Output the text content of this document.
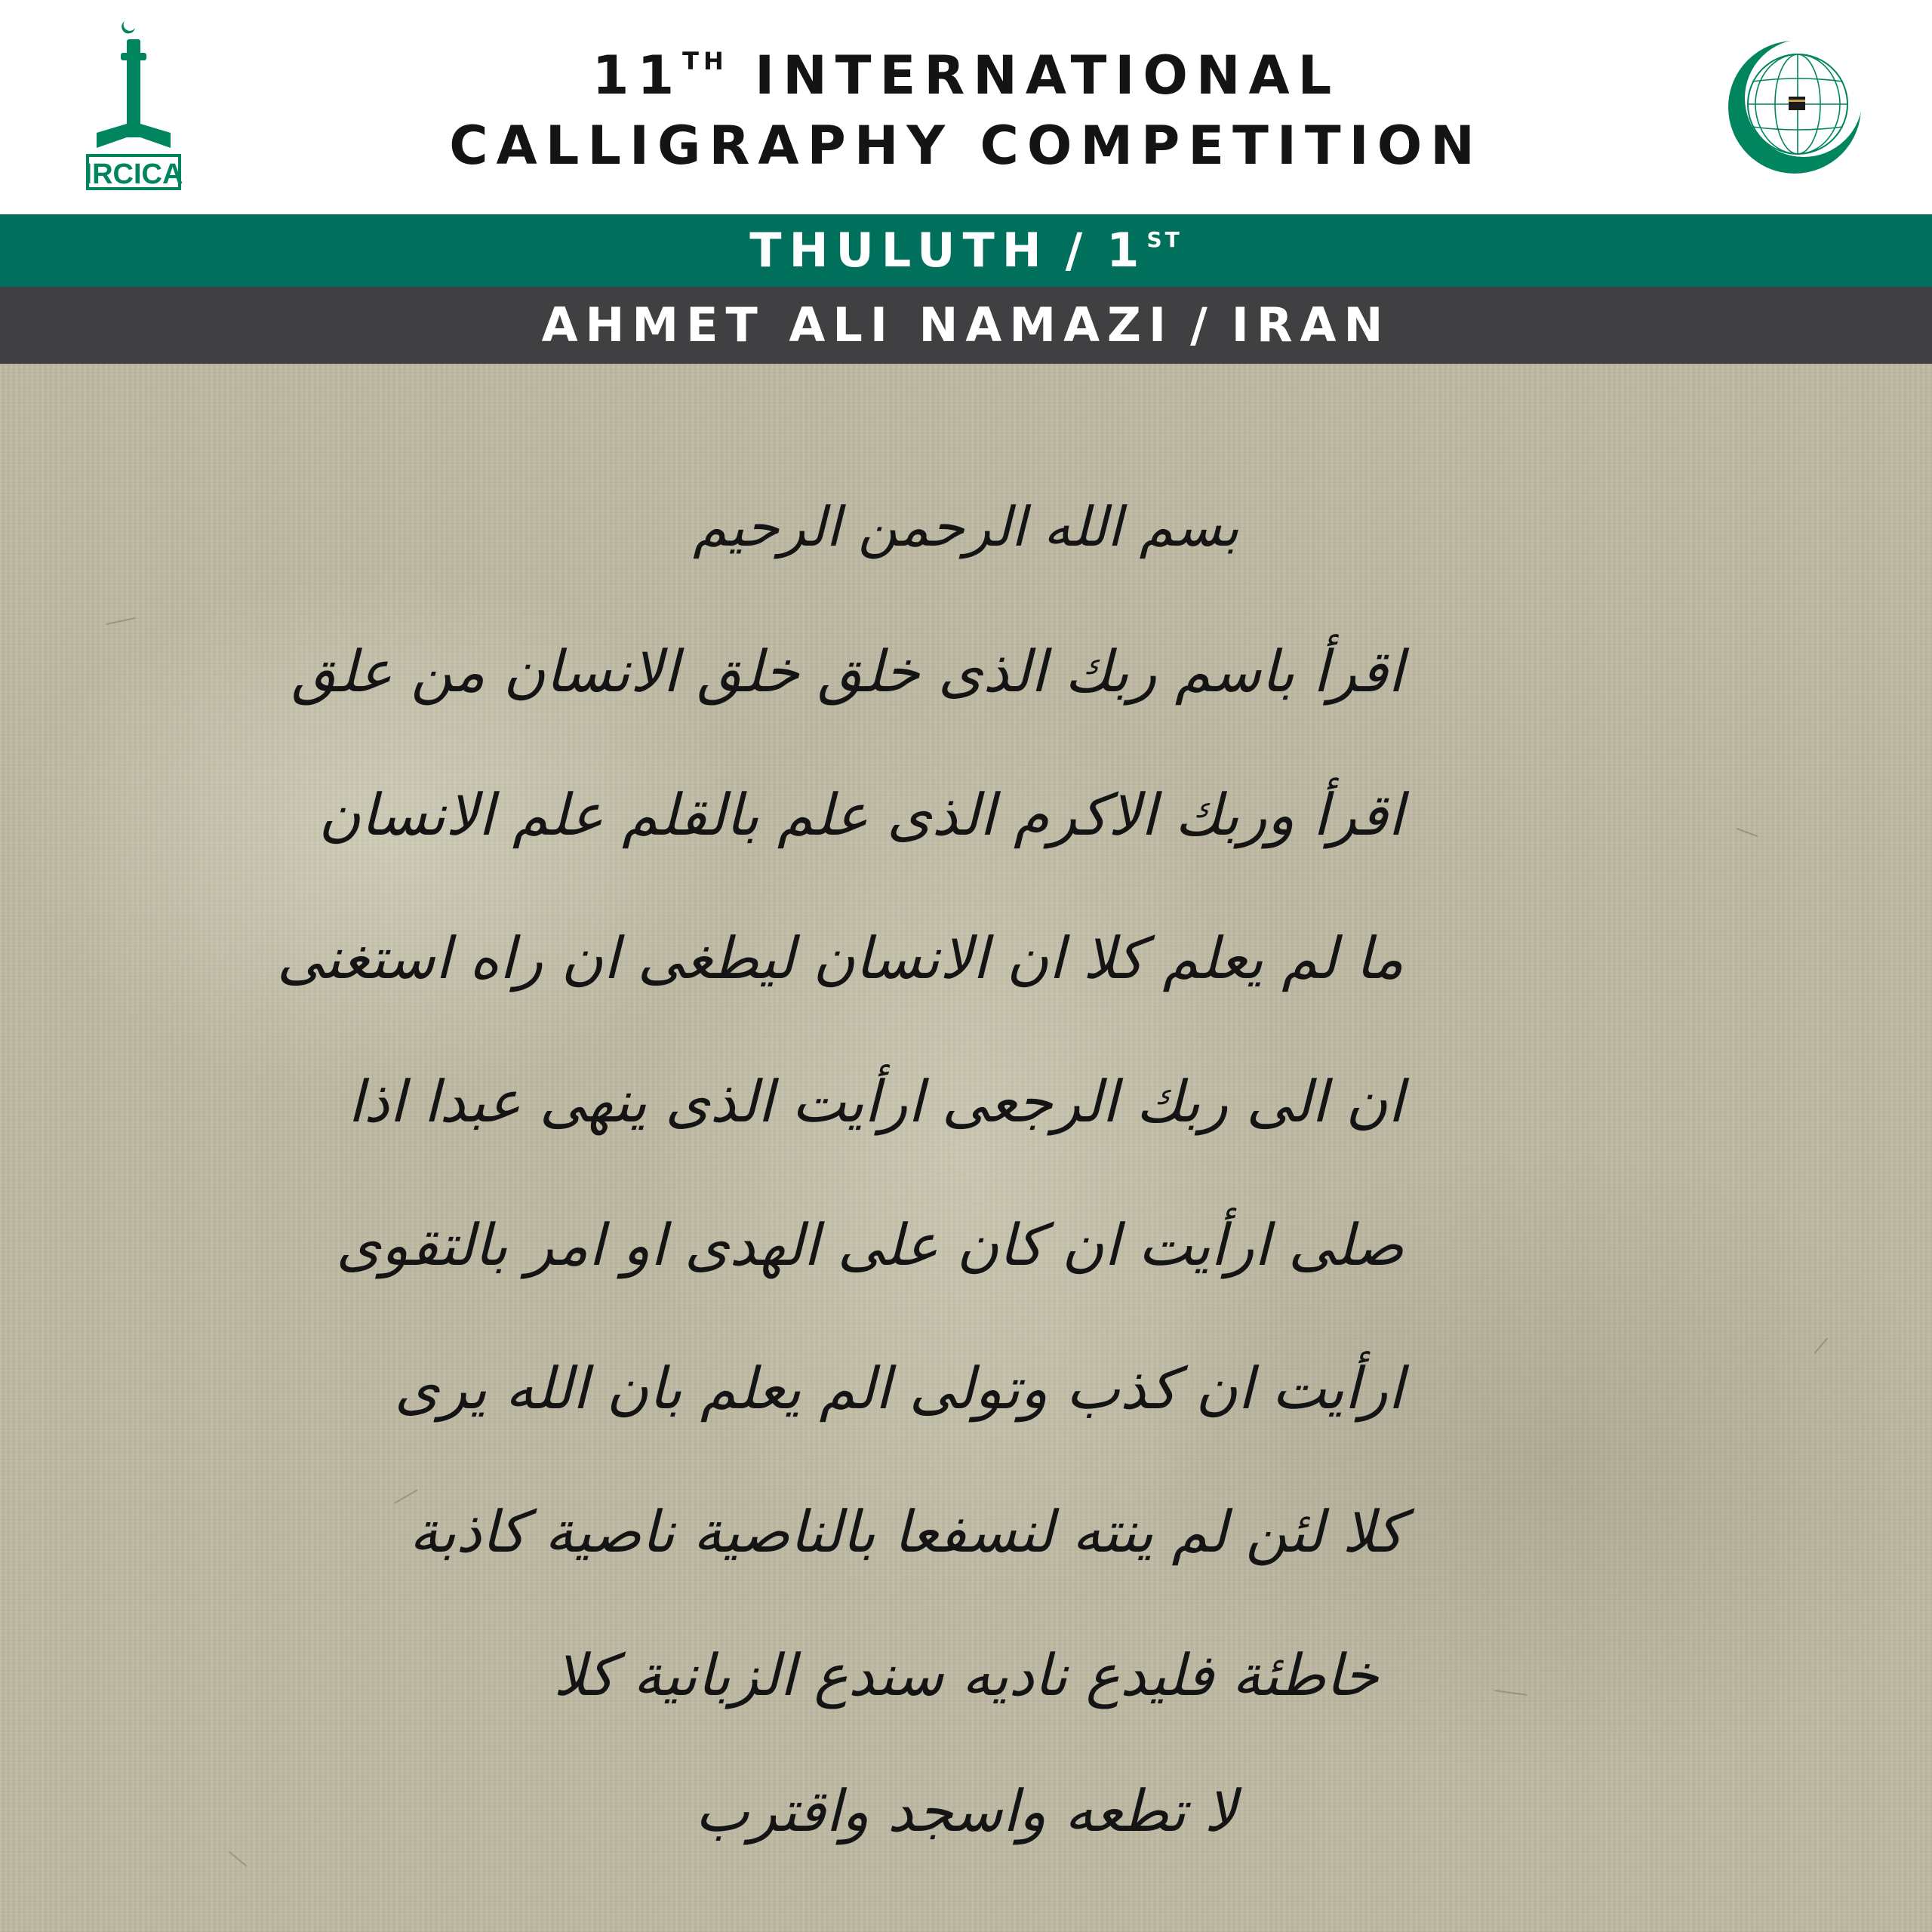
IRCICA
11TH INTERNATIONAL
CALLIGRAPHY COMPETITION
THULUTH / 1ST
AHMET ALI NAMAZI / IRAN
بسم الله الرحمن الرحيم
اقرأ باسم ربك الذى خلق خلق الانسان من علق
اقرأ وربك الاكرم الذى علم بالقلم علم الانسان
ما لم يعلم كلا ان الانسان ليطغى ان راه استغنى
ان الى ربك الرجعى ارأيت الذى ينهى عبدا اذا
صلى ارأيت ان كان على الهدى او امر بالتقوى
ارأيت ان كذب وتولى الم يعلم بان الله يرى
كلا لئن لم ينته لنسفعا بالناصية ناصية كاذبة
خاطئة فليدع ناديه سندع الزبانية كلا
لا تطعه واسجد واقترب
